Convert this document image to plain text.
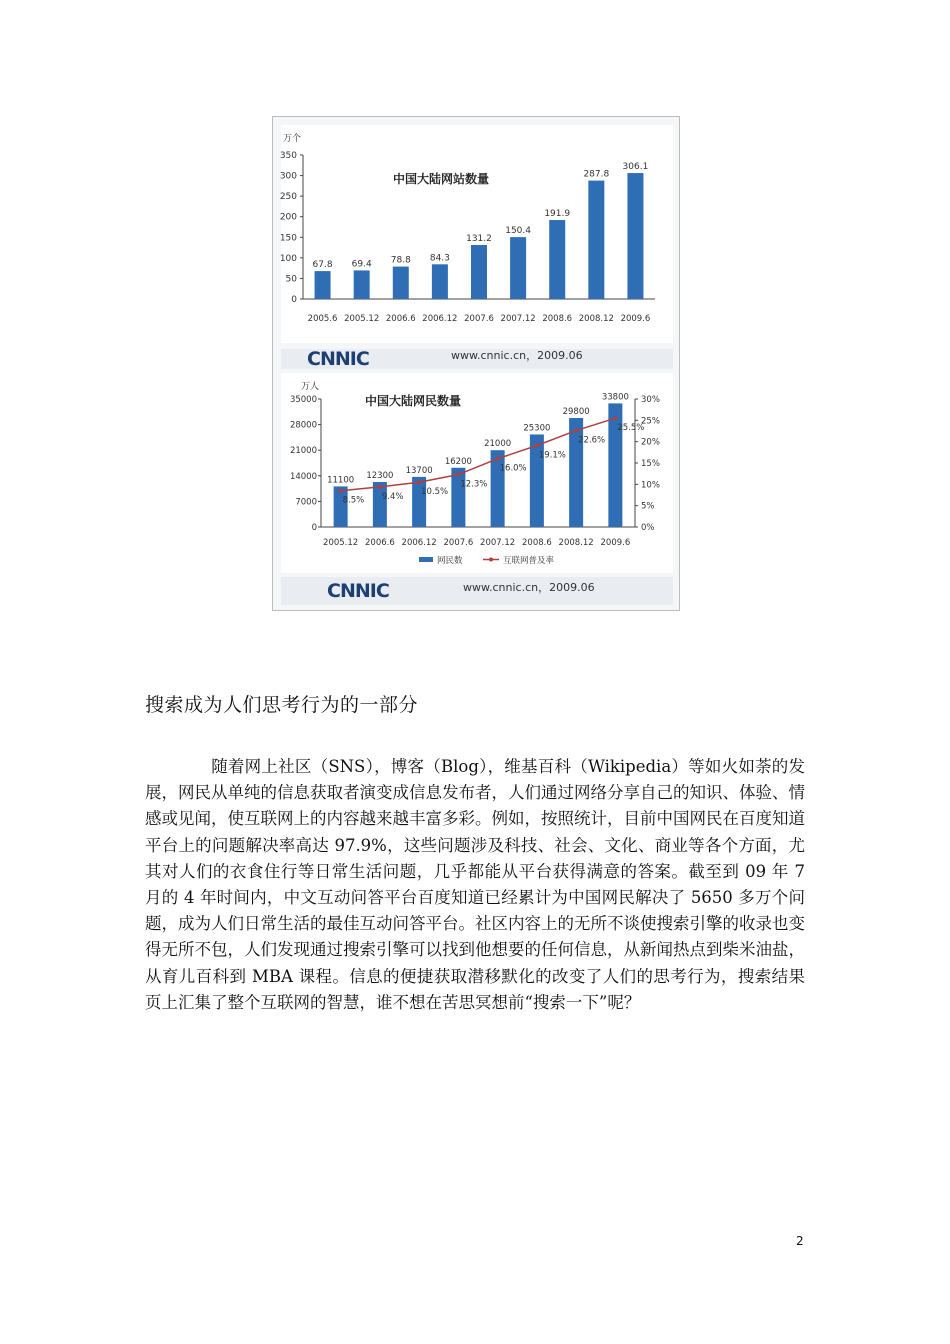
万个
350
300
250
200
150
100
50
0
中国大陆网站数量
67.8
2005.6
69.4
2005.12
78.8
2006.6
84.3
2006.12
131.2
2007.6
150.4
2007.12
191.9
2008.6
287.8
2008.12
306.1
2009.6
CNNIC	www.cnnic.cn，2009.06
万人
35000
28000
21000
14000
7000
0
30%
25%
20%
15%
10%
5%
0%
中国大陆网民数量
11100
2005.12
12300
2006.6
13700
2006.12
16200
2007.6
21000
2007.12
25300
2008.6
29800
2008.12
33800
2009.6
8.5% 9.4% 10.5%
12.3%
16.0%
19.1%
22.6%
25.5%
网民数	互联网普及率
CNNIC	www.cnnic.cn，2009.06
搜索成为人们思考行为的一部分

随着网上社区（SNS），博客（Blog），维基百科（Wikipedia）等如火如荼的发展，网民从单纯的信息获取者演变成信息发布者，人们通过网络分享自己的知识、体验、情感或见闻，使互联网上的内容越来越丰富多彩。例如，按照统计，目前中国网民在百度知道平台上的问题解决率高达 97.9%，这些问题涉及科技、社会、文化、商业等各个方面，尤其对人们的衣食住行等日常生活问题，几乎都能从平台获得满意的答案。截至到 09 年 7 月的 4 年时间内，中文互动问答平台百度知道已经累计为中国网民解决了 5650 多万个问题，成为人们日常生活的最佳互动问答平台。社区内容上的无所不谈使搜索引擎的收录也变得无所不包，人们发现通过搜索引擎可以找到他想要的任何信息，从新闻热点到柴米油盐，从育儿百科到 MBA 课程。信息的便捷获取潜移默化的改变了人们的思考行为，搜索结果页上汇集了整个互联网的智慧，谁不想在苦思冥想前“搜索一下”呢？

2
